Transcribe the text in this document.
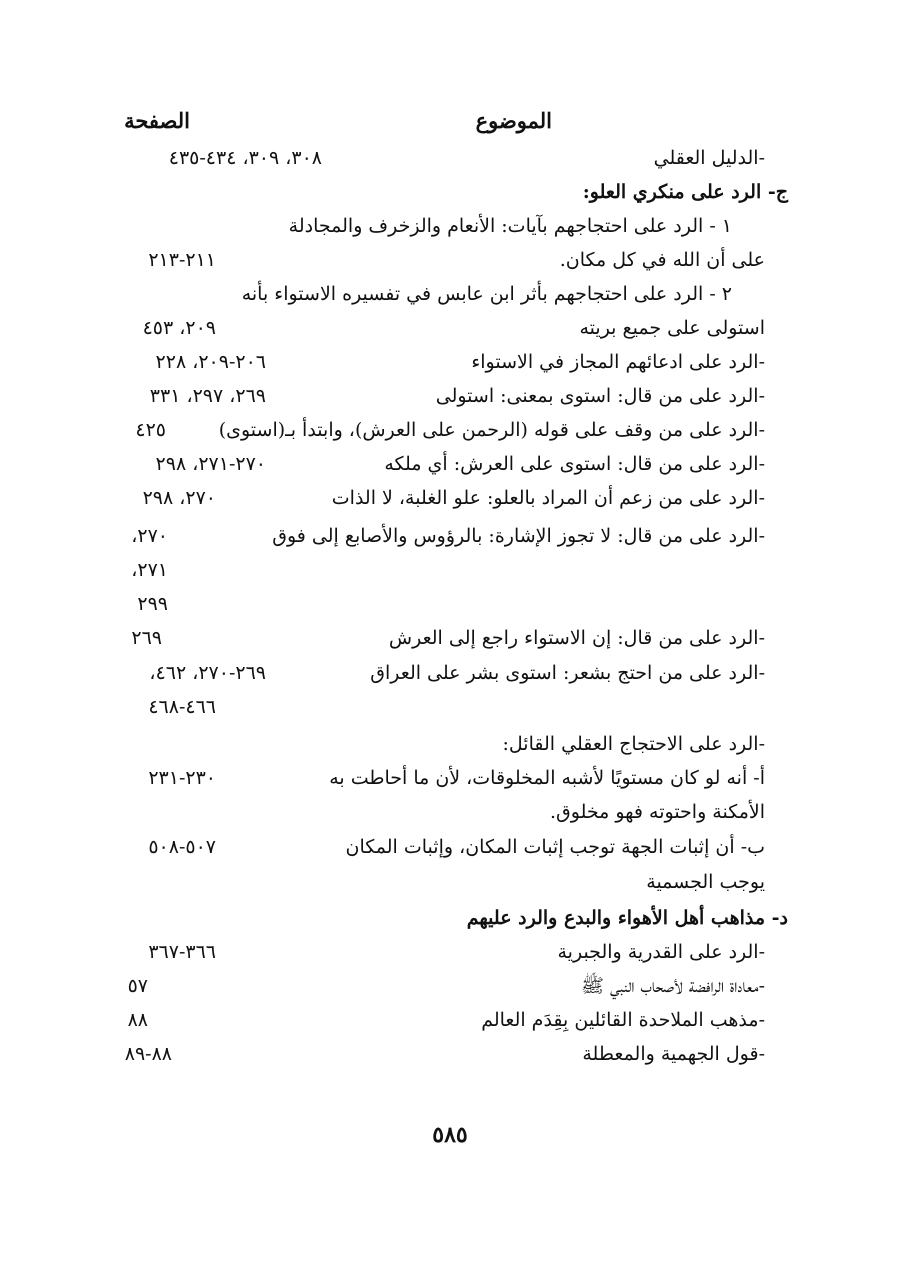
الموضوع
الصفحة
-الدليل العقلي
٣٠٨، ٣٠٩، ٤٣٤-٤٣٥
ج- الرد على منكري العلو:
١ - الرد على احتجاجهم بآيات: الأنعام والزخرف والمجادلة
على أن الله في كل مكان.
٢١١-٢١٣
٢ - الرد على احتجاجهم بأثر ابن عابس في تفسيره الاستواء بأنه
استولى على جميع بريته
٢٠٩، ٤٥٣
-الرد على ادعائهم المجاز في الاستواء
٢٠٦-٢٠٩، ٢٢٨
-الرد على من قال: استوى بمعنى: استولى
٢٦٩، ٢٩٧، ٣٣١
-الرد على من وقف على قوله (الرحمن على العرش)، وابتدأ بـ(استوى)
٤٢٥
-الرد على من قال: استوى على العرش: أي ملكه
٢٧٠-٢٧١، ٢٩٨
-الرد على من زعم أن المراد بالعلو: علو الغلبة، لا الذات
٢٧٠، ٢٩٨
-الرد على من قال: لا تجوز الإشارة: بالرؤوس والأصابع إلى فوق
٢٧٠،
٢٧١،
٢٩٩
-الرد على من قال: إن الاستواء راجع إلى العرش
٢٦٩
-الرد على من احتج بشعر: استوى بشر على العراق
٢٦٩-٢٧٠، ٤٦٢،
٤٦٦-٤٦٨
-الرد على الاحتجاج العقلي القائل:
أ- أنه لو كان مستويًا لأشبه المخلوقات، لأن ما أحاطت به
٢٣٠-٢٣١
الأمكنة واحتوته فهو مخلوق.
ب- أن إثبات الجهة توجب إثبات المكان، وإثبات المكان
٥٠٧-٥٠٨
يوجب الجسمية
د- مذاهب أهل الأهواء والبدع والرد عليهم
-الرد على القدرية والجبرية
٣٦٦-٣٦٧
-معاداة الرافضة لأصحاب النبي ﷺ
٥٧
-مذهب الملاحدة القائلين بِقِدَم العالم
٨٨
-قول الجهمية والمعطلة
٨٨-٨٩
٥٨٥
